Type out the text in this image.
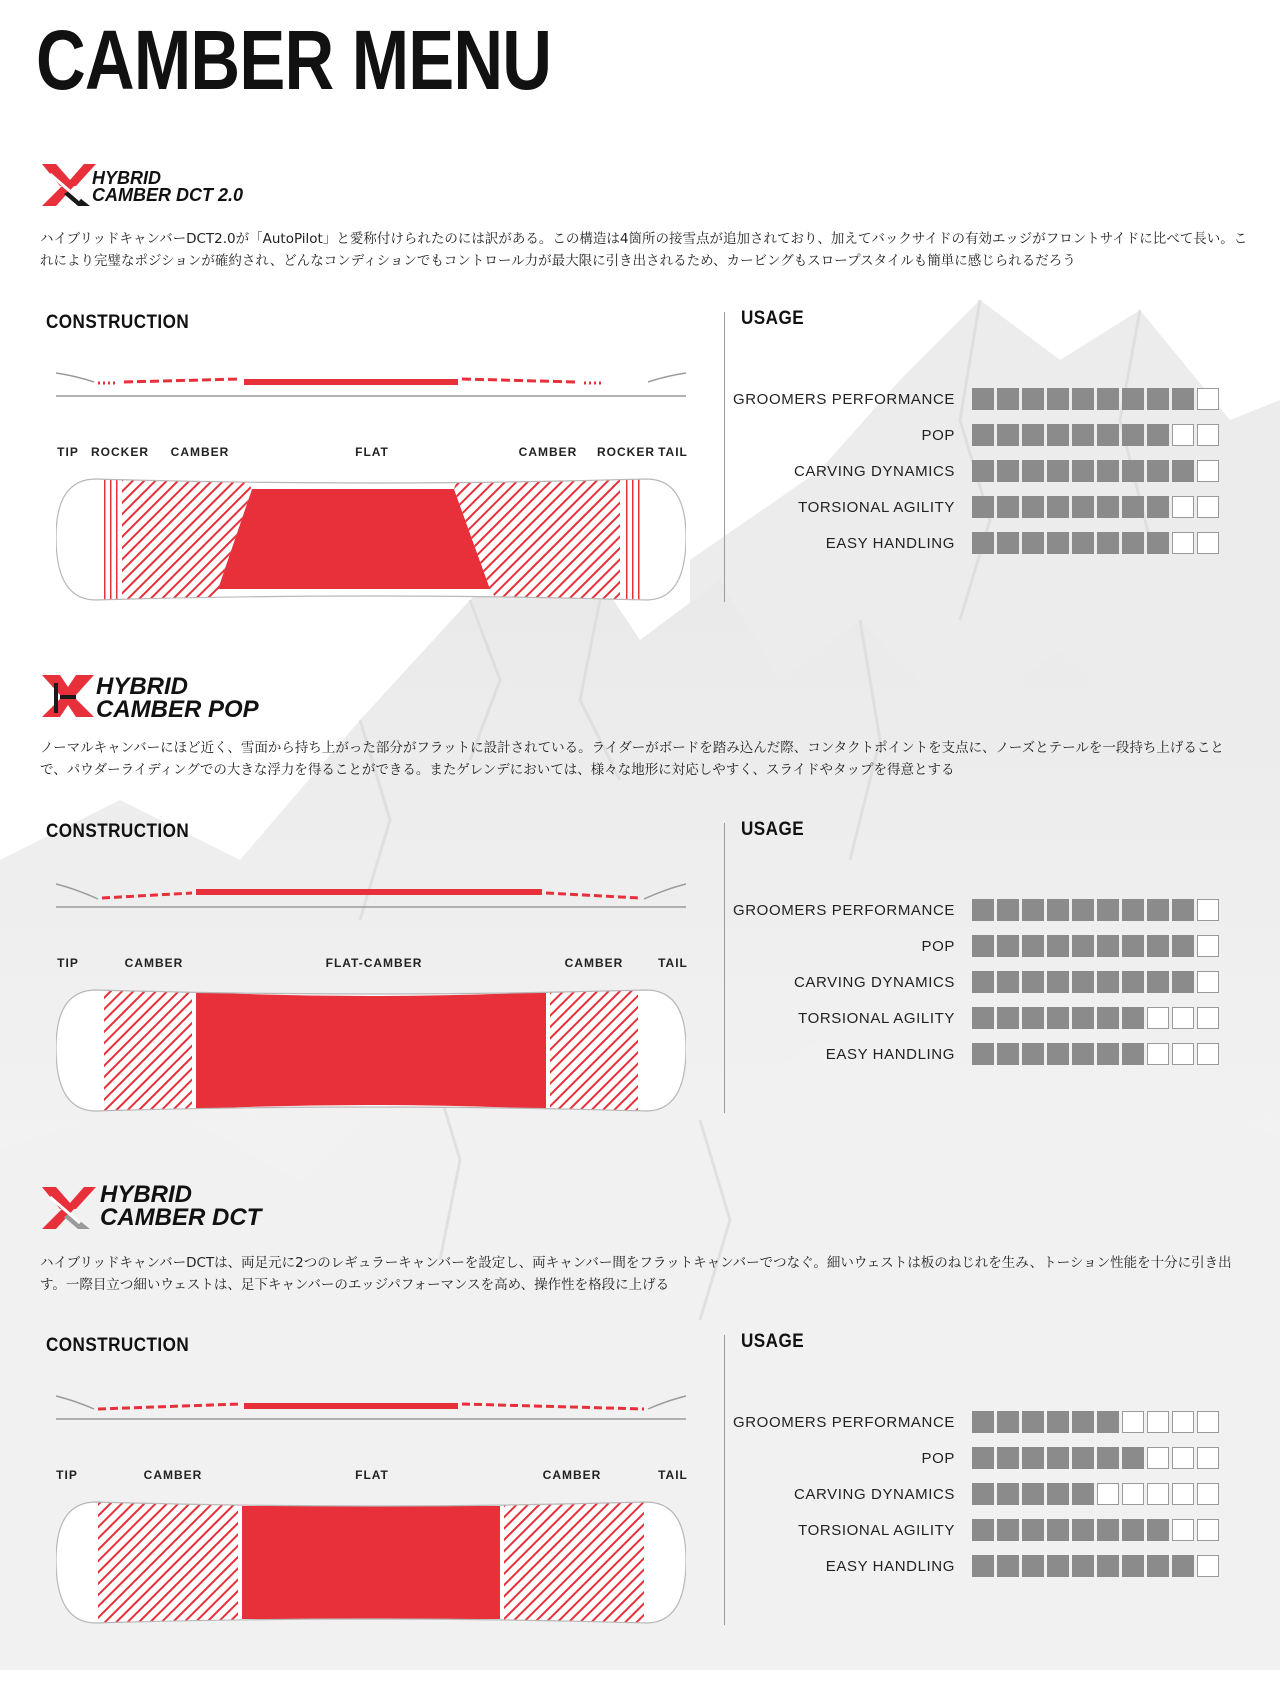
CAMBER MENU
HYBRID
CAMBER DCT 2.0

ハイブリッドキャンバーDCT2.0が「AutoPilot」と愛称付けられたのには訳がある。この構造は4箇所の接雪点が追加されており、加えてバックサイドの有効エッジがフロントサイドに比べて長い。これにより完璧なポジションが確約され、どんなコンディションでもコントロール力が最大限に引き出されるため、カービングもスロープスタイルも簡単に感じられるだろう

CONSTRUCTION	USAGE
TIP ROCKER CAMBER	FLAT	CAMBER ROCKER TAIL
GROOMERS PERFORMANCE
POP
CARVING DYNAMICS
TORSIONAL AGILITY
EASY HANDLING
HYBRID
CAMBER POP

ノーマルキャンバーにほど近く、雪面から持ち上がった部分がフラットに設計されている。ライダーがボードを踏み込んだ際、コンタクトポイントを支点に、ノーズとテールを一段持ち上げることで、パウダーライディングでの大きな浮力を得ることができる。またゲレンデにおいては、様々な地形に対応しやすく、スライドやタップを得意とする

CONSTRUCTION	USAGE
TIP	CAMBER	FLAT-CAMBER	CAMBER	TAIL
GROOMERS PERFORMANCE
POP
CARVING DYNAMICS
TORSIONAL AGILITY
EASY HANDLING
HYBRID
CAMBER DCT

ハイブリッドキャンバーDCTは、両足元に2つのレギュラーキャンバーを設定し、両キャンバー間をフラットキャンバーでつなぐ。細いウェストは板のねじれを生み、トーション性能を十分に引き出す。一際目立つ細いウェストは、足下キャンバーのエッジパフォーマンスを高め、操作性を格段に上げる

CONSTRUCTION	USAGE
TIP	CAMBER	FLAT	CAMBER	TAIL
GROOMERS PERFORMANCE
POP
CARVING DYNAMICS
TORSIONAL AGILITY
EASY HANDLING
